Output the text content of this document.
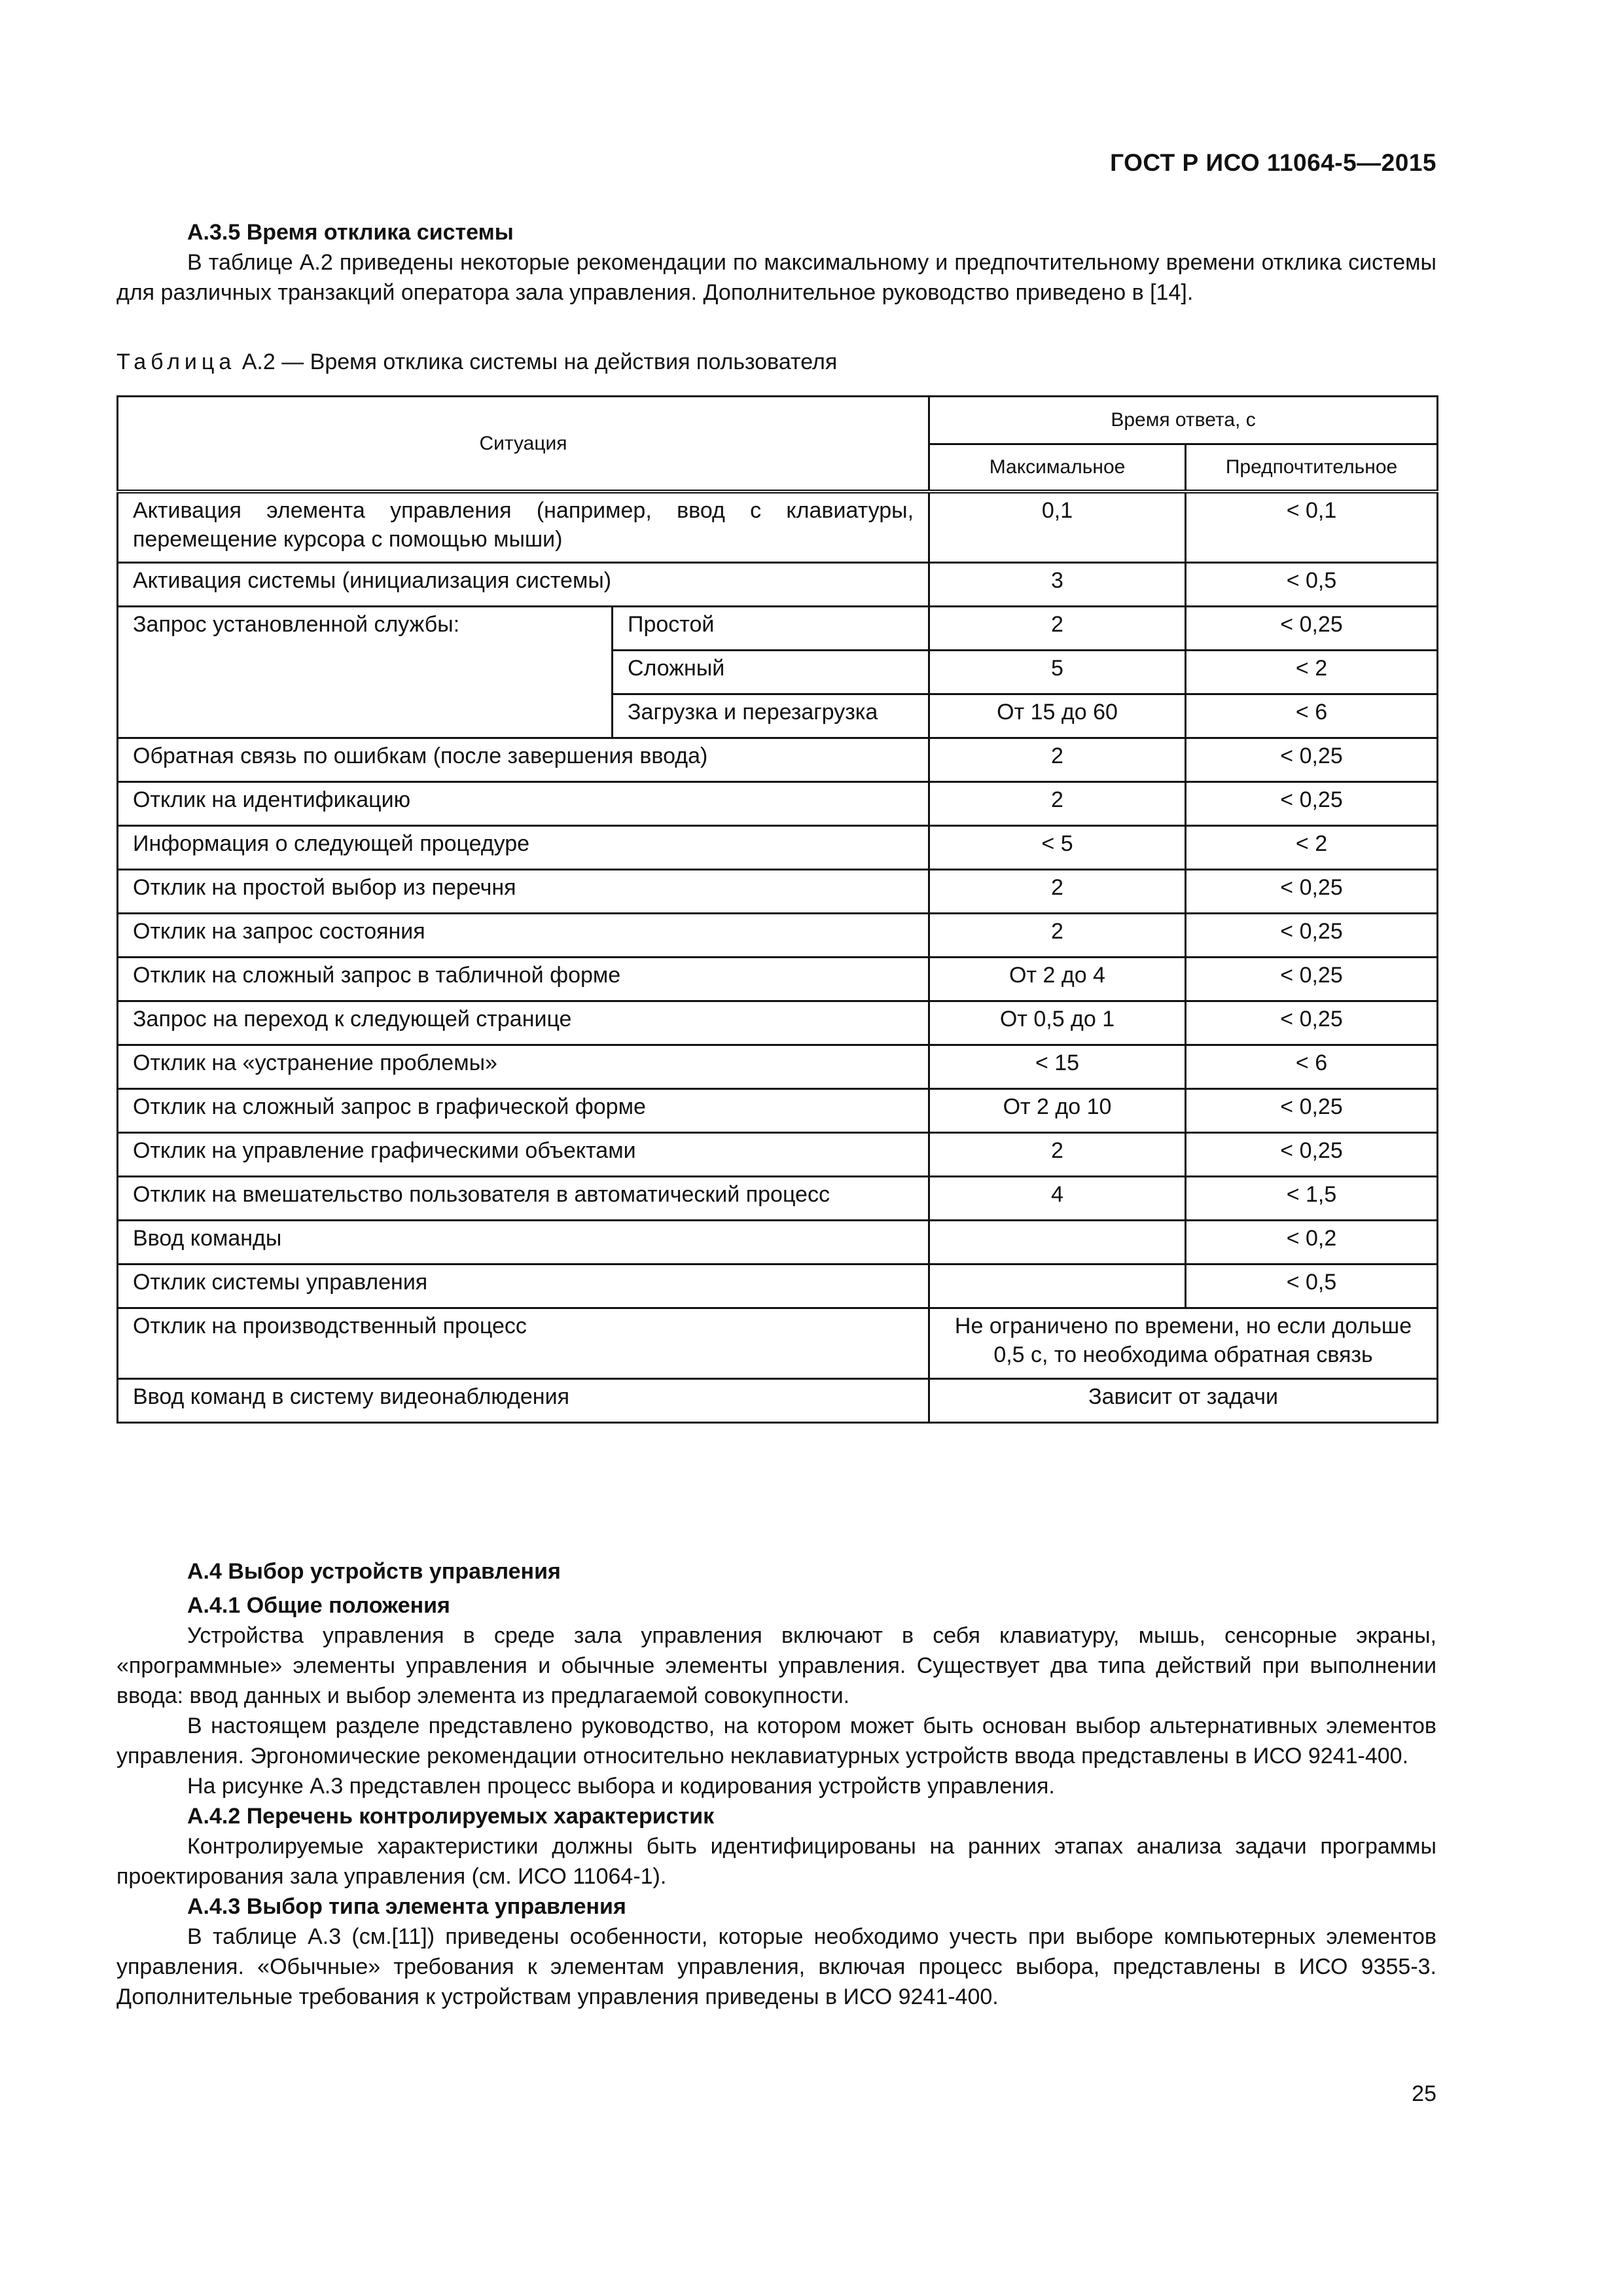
ГОСТ Р ИСО 11064-5—2015

А.3.5 Время отклика системы

В таблице А.2 приведены некоторые рекомендации по максимальному и предпочтительному времени отклика системы для различных транзакций оператора зала управления. Дополнительное руководство приведено в [14].

Таблица А.2 — Время отклика системы на действия пользователя
Ситуация		Время ответа, с	
		Максимальное	Предпочтительное
Активация элемента управления (например, ввод с клавиатуры, перемещение курсора с помощью мыши)		0,1	< 0,1
Активация системы (инициализация системы)		3	< 0,5
Запрос установленной службы:	Простой	2	< 0,25
	Сложный	5	< 2
	Загрузка и перезагрузка	От 15 до 60	< 6
Обратная связь по ошибкам (после завершения ввода)		2	< 0,25
Отклик на идентификацию		2	< 0,25
Информация о следующей процедуре		< 5	< 2
Отклик на простой выбор из перечня		2	< 0,25
Отклик на запрос состояния		2	< 0,25
Отклик на сложный запрос в табличной форме		От 2 до 4	< 0,25
Запрос на переход к следующей странице		От 0,5 до 1	< 0,25
Отклик на «устранение проблемы»		< 15	< 6
Отклик на сложный запрос в графической форме		От 2 до 10	< 0,25
Отклик на управление графическими объектами		2	< 0,25
Отклик на вмешательство пользователя в автоматический процесс		4	< 1,5
Ввод команды			< 0,2
Отклик системы управления			< 0,5
Отклик на производственный процесс		Не ограничено по времени, но если дольше 0,5 с, то необходима обратная связь	
Ввод команд в систему видеонаблюдения		Зависит от задачи	

А.4 Выбор устройств управления

А.4.1 Общие положения

Устройства управления в среде зала управления включают в себя клавиатуру, мышь, сенсорные экраны, «программные» элементы управления и обычные элементы управления. Существует два типа действий при выполнении ввода: ввод данных и выбор элемента из предлагаемой совокупности.

В настоящем разделе представлено руководство, на котором может быть основан выбор альтернативных элементов управления. Эргономические рекомендации относительно неклавиатурных устройств ввода представлены в ИСО 9241-400.

На рисунке А.3 представлен процесс выбора и кодирования устройств управления.

А.4.2 Перечень контролируемых характеристик

Контролируемые характеристики должны быть идентифицированы на ранних этапах анализа задачи программы проектирования зала управления (см. ИСО 11064-1).

А.4.3 Выбор типа элемента управления

В таблице А.3 (см.[11]) приведены особенности, которые необходимо учесть при выборе компьютерных элементов управления. «Обычные» требования к элементам управления, включая процесс выбора, представлены в ИСО 9355-3. Дополнительные требования к устройствам управления приведены в ИСО 9241-400.

25
